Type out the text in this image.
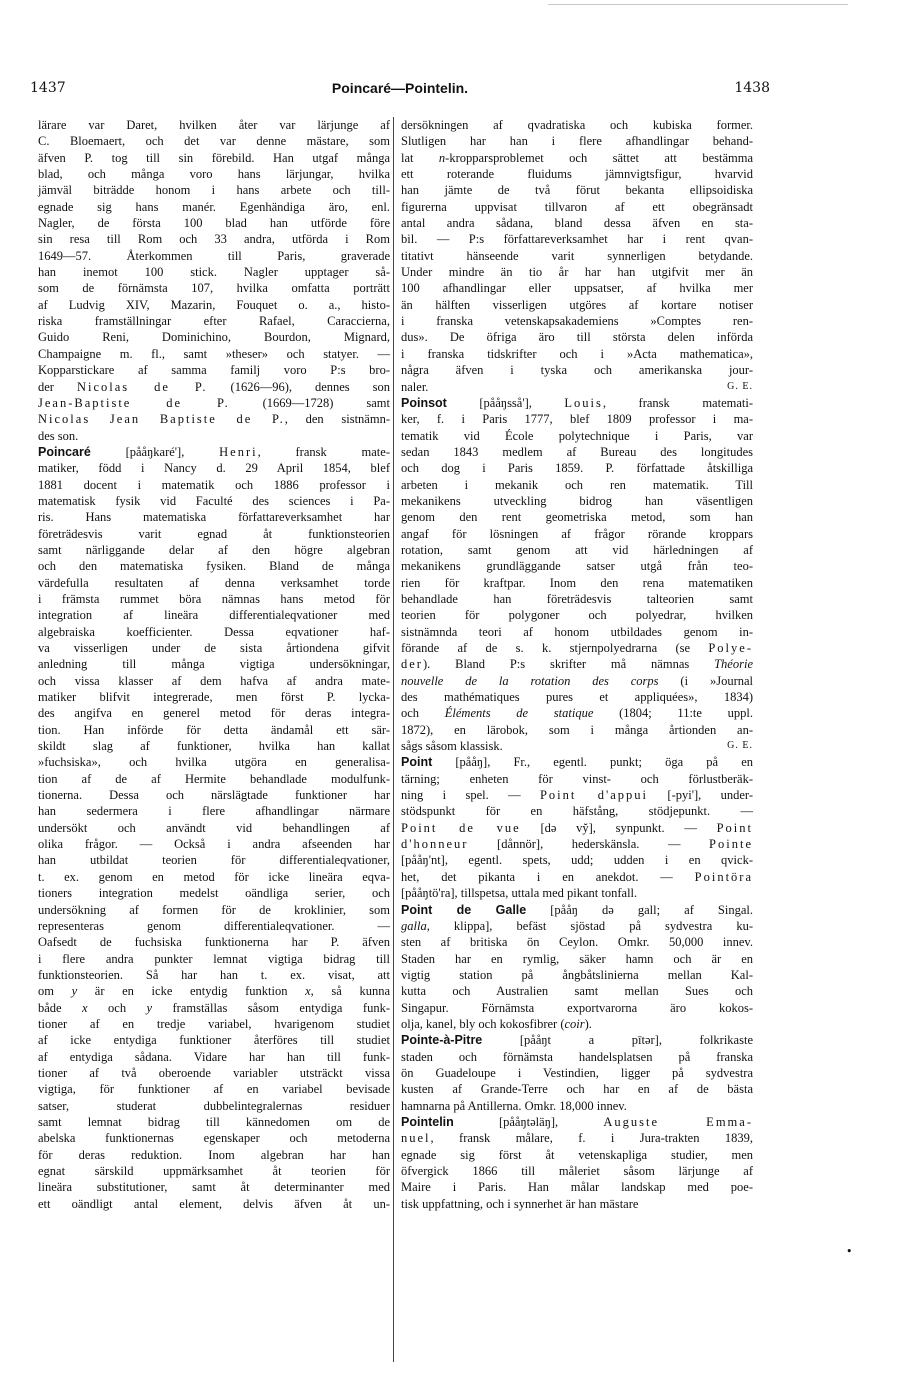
1437	Poincaré—Pointelin.	1438
lärare var Daret, hvilken åter var lärjunge af
C. Bloemaert, och det var denne mästare, som
äfven P. tog till sin förebild. Han utgaf många
blad, och många voro hans lärjungar, hvilka
jämväl biträdde honom i hans arbete och till-
egnade sig hans manér. Egenhändiga äro, enl.
Nagler, de första 100 blad han utförde före
sin resa till Rom och 33 andra, utförda i Rom
1649—57. Återkommen till Paris, graverade
han inemot 100 stick. Nagler upptager så-
som de förnämsta 107, hvilka omfatta porträtt
af Ludvig XIV, Mazarin, Fouquet o. a., histo-
riska framställningar efter Rafael, Caraccierna,
Guido Reni, Dominichino, Bourdon, Mignard,
Champaigne m. fl., samt »theser» och statyer. —
Kopparstickare af samma familj voro P:s bro-
der Nicolas de P. (1626—96), dennes son
Jean-Baptiste de P. (1669—1728) samt
Nicolas Jean Baptiste de P., den sistnämn-
des son.
Poincaré [pååŋkaré'], Henri, fransk mate-
matiker, född i Nancy d. 29 April 1854, blef
1881 docent i matematik och 1886 professor i
matematisk fysik vid Faculté des sciences i Pa-
ris. Hans matematiska författareverksamhet har
företrädesvis varit egnad åt funktionsteorien
samt närliggande delar af den högre algebran
och den matematiska fysiken. Bland de många
värdefulla resultaten af denna verksamhet torde
i främsta rummet böra nämnas hans metod för
integration af lineära differentialeqvationer med
algebraiska koefficienter. Dessa eqvationer haf-
va visserligen under de sista årtiondena gifvit
anledning till många vigtiga undersökningar,
och vissa klasser af dem hafva af andra mate-
matiker blifvit integrerade, men först P. lycka-
des angifva en generel metod för deras integra-
tion. Han införde för detta ändamål ett sär-
skildt slag af funktioner, hvilka han kallat
»fuchsiska», och hvilka utgöra en generalisa-
tion af de af Hermite behandlade modulfunk-
tionerna. Dessa och närslägtade funktioner har
han sedermera i flere afhandlingar närmare
undersökt och användt vid behandlingen af
olika frågor. — Också i andra afseenden har
han utbildat teorien för differentialeqvationer,
t. ex. genom en metod för icke lineära eqva-
tioners integration medelst oändliga serier, och
undersökning af formen för de kroklinier, som
representeras genom differentialeqvationer. —
Oafsedt de fuchsiska funktionerna har P. äfven
i flere andra punkter lemnat vigtiga bidrag till
funktionsteorien. Så har han t. ex. visat, att
om y är en icke entydig funktion x, så kunna
både x och y framställas såsom entydiga funk-
tioner af en tredje variabel, hvarigenom studiet
af icke entydiga funktioner återföres till studiet
af entydiga sådana. Vidare har han till funk-
tioner af två oberoende variabler utsträckt vissa
vigtiga, för funktioner af en variabel bevisade
satser, studerat dubbelintegralernas residuer
samt lemnat bidrag till kännedomen om de
abelska funktionernas egenskaper och metoderna
för deras reduktion. Inom algebran har han
egnat särskild uppmärksamhet åt teorien för
lineära substitutioner, samt åt determinanter med
ett oändligt antal element, delvis äfven åt un-
dersökningen af qvadratiska och kubiska former.
Slutligen har han i flere afhandlingar behand-
lat n-kropparsproblemet och sättet att bestämma
ett roterande fluidums jämnvigtsfigur, hvarvid
han jämte de två förut bekanta ellipsoidiska
figurerna uppvisat tillvaron af ett obegränsadt
antal andra sådana, bland dessa äfven en sta-
bil. — P:s författareverksamhet har i rent qvan-
titativt hänseende varit synnerligen betydande.
Under mindre än tio år har han utgifvit mer än
100 afhandlingar eller uppsatser, af hvilka mer
än hälften visserligen utgöres af kortare notiser
i franska vetenskapsakademiens »Comptes ren-
dus». De öfriga äro till största delen införda
i franska tidskrifter och i »Acta mathematica»,
några äfven i tyska och amerikanska jour-
naler.	G. E.
Poinsot [pååŋsså'], Louis, fransk matemati-
ker, f. i Paris 1777, blef 1809 professor i ma-
tematik vid École polytechnique i Paris, var
sedan 1843 medlem af Bureau des longitudes
och dog i Paris 1859. P. författade åtskilliga
arbeten i mekanik och ren matematik. Till
mekanikens utveckling bidrog han väsentligen
genom den rent geometriska metod, som han
angaf för lösningen af frågor rörande kroppars
rotation, samt genom att vid härledningen af
mekanikens grundläggande satser utgå från teo-
rien för kraftpar. Inom den rena matematiken
behandlade han företrädesvis talteorien samt
teorien för polygoner och polyedrar, hvilken
sistnämnda teori af honom utbildades genom in-
förande af de s. k. stjernpolyedrarna (se Polye-
der). Bland P:s skrifter må nämnas Théorie
nouvelle de la rotation des corps (i »Journal
des mathématiques pures et appliquées», 1834)
och Éléments de statique (1804; 11:te uppl.
1872), en lärobok, som i många årtionden an-
sågs såsom klassisk.	G. E.
Point [pååŋ], Fr., egentl. punkt; öga på en
tärning; enheten för vinst- och förlustberäk-
ning i spel. — Point d'appui [-pyi'], under-
stödspunkt för en häfstång, stödjepunkt. —
Point de vue [də vy̆], synpunkt. — Point
d'honneur [dånnör], hederskänsla. — Pointe
[pååŋ'nt], egentl. spets, udd; udden i en qvick-
het, det pikanta i en anekdot. — Pointöra
[pååŋtö'ra], tillspetsa, uttala med pikant tonfall.
Point de Galle [pååŋ də gall; af Singal.
galla, klippa], befäst sjöstad på sydvestra ku-
sten af britiska ön Ceylon. Omkr. 50,000 innev.
Staden har en rymlig, säker hamn och är en
vigtig station på ångbåtslinierna mellan Kal-
kutta och Australien samt mellan Sues och
Singapur. Förnämsta exportvarorna äro kokos-
olja, kanel, bly och kokosfibrer (coir).
Pointe-à-Pitre [pååŋt a pītər], folkrikaste
staden och förnämsta handelsplatsen på franska
ön Guadeloupe i Vestindien, ligger på sydvestra
kusten af Grande-Terre och har en af de bästa
hamnarna på Antillerna. Omkr. 18,000 innev.
Pointelin [pååŋtəläŋ], Auguste Emma-
nuel, fransk målare, f. i Jura-trakten 1839,
egnade sig först åt vetenskapliga studier, men
öfvergick 1866 till måleriet såsom lärjunge af
Maire i Paris. Han målar landskap med poe-
tisk uppfattning, och i synnerhet är han mästare
•
